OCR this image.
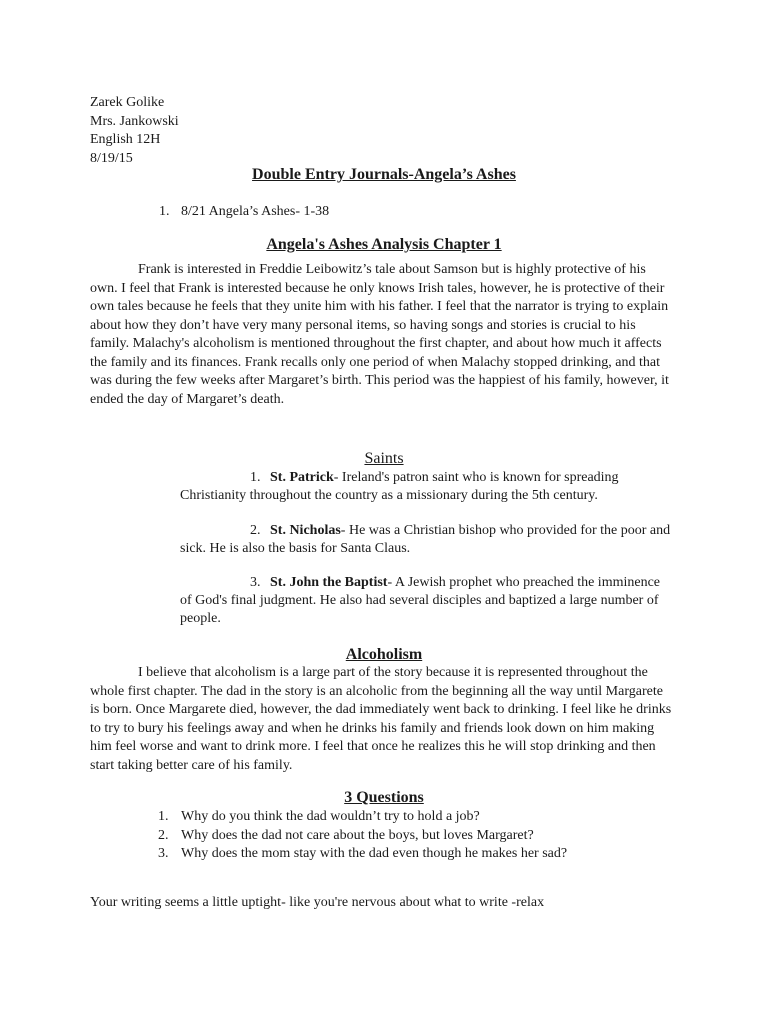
Zarek Golike
Mrs. Jankowski
English 12H
8/19/15
Double Entry Journals-Angela’s Ashes
1. 8/21 Angela’s Ashes- 1-38
Angela's Ashes Analysis Chapter 1
Frank is interested in Freddie Leibowitz’s tale about Samson but is highly protective of his own. I feel that Frank is interested because he only knows Irish tales, however, he is protective of their own tales because he feels that they unite him with his father. I feel that the narrator is trying to explain about how they don’t have very many personal items, so having songs and stories is crucial to his family. Malachy's alcoholism is mentioned throughout the first chapter, and about how much it affects the family and its finances. Frank recalls only one period of when Malachy stopped drinking, and that was during the few weeks after Margaret’s birth. This period was the happiest of his family, however, it ended the day of Margaret’s death.
Saints
1. St. Patrick- Ireland's patron saint who is known for spreading Christianity throughout the country as a missionary during the 5th century.
2. St. Nicholas- He was a Christian bishop who provided for the poor and sick. He is also the basis for Santa Claus.
3. St. John the Baptist- A Jewish prophet who preached the imminence of God's final judgment. He also had several disciples and baptized a large number of people.
Alcoholism
I believe that alcoholism is a large part of the story because it is represented throughout the whole first chapter. The dad in the story is an alcoholic from the beginning all the way until Margarete is born. Once Margarete died, however, the dad immediately went back to drinking. I feel like he drinks to try to bury his feelings away and when he drinks his family and friends look down on him making him feel worse and want to drink more. I feel that once he realizes this he will stop drinking and then start taking better care of his family.
3 Questions
1. Why do you think the dad wouldn’t try to hold a job?
2. Why does the dad not care about the boys, but loves Margaret?
3. Why does the mom stay with the dad even though he makes her sad?
Your writing seems a little uptight- like you're nervous about what to write -relax
